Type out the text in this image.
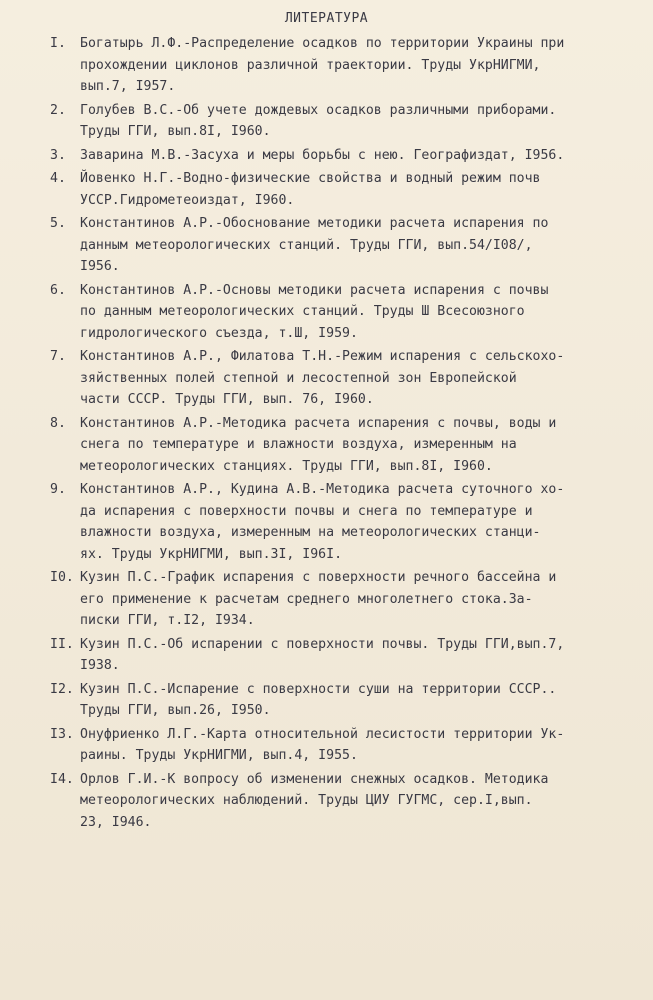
ЛИТЕРАТУРА
I. Богатырь Л.Ф.-Распределение осадков по территории Украины при
прохождении циклонов различной траектории. Труды УкрНИГМИ,
вып.7, I957.
2. Голубев В.С.-Об учете дождевых осадков различными приборами.
Труды ГГИ, вып.8I, I960.
3. Заварина М.В.-Засуха и меры борьбы с нею. Географиздат, I956.
4. Йовенко Н.Г.-Водно-физические свойства и водный режим почв
УССР.Гидрометеоиздат, I960.
5. Константинов А.Р.-Обоснование методики расчета испарения по
данным метеорологических станций. Труды ГГИ, вып.54/I08/,
I956.
6. Константинов А.Р.-Основы методики расчета испарения с почвы
по данным метеорологических станций. Труды Ш Всесоюзного
гидрологического съезда, т.Ш, I959.
7. Константинов А.Р., Филатова Т.Н.-Режим испарения с сельскохо-
зяйственных полей степной и лесостепной зон Европейской
части СССР. Труды ГГИ, вып. 76, I960.
8. Константинов А.Р.-Методика расчета испарения с почвы, воды и
снега по температуре и влажности воздуха, измеренным на
метеорологических станциях. Труды ГГИ, вып.8I, I960.
9. Константинов А.Р., Кудина А.В.-Методика расчета суточного хо-
да испарения с поверхности почвы и снега по температуре и
влажности воздуха, измеренным на метеорологических станци-
ях. Труды УкрНИГМИ, вып.3I, I96I.
I0. Кузин П.С.-График испарения с поверхности речного бассейна и
его применение к расчетам среднего многолетнего стока.За-
писки ГГИ, т.I2, I934.
II. Кузин П.С.-Об испарении с поверхности почвы. Труды ГГИ,вып.7,
I938.
I2. Кузин П.С.-Испарение с поверхности суши на территории СССР..
Труды ГГИ, вып.26, I950.
I3. Онуфриенко Л.Г.-Карта относительной лесистости территории Ук-
раины. Труды УкрНИГМИ, вып.4, I955.
I4. Орлов Г.И.-К вопросу об изменении снежных осадков. Методика
метеорологических наблюдений. Труды ЦИУ ГУГМС, сер.I,вып.
23, I946.
